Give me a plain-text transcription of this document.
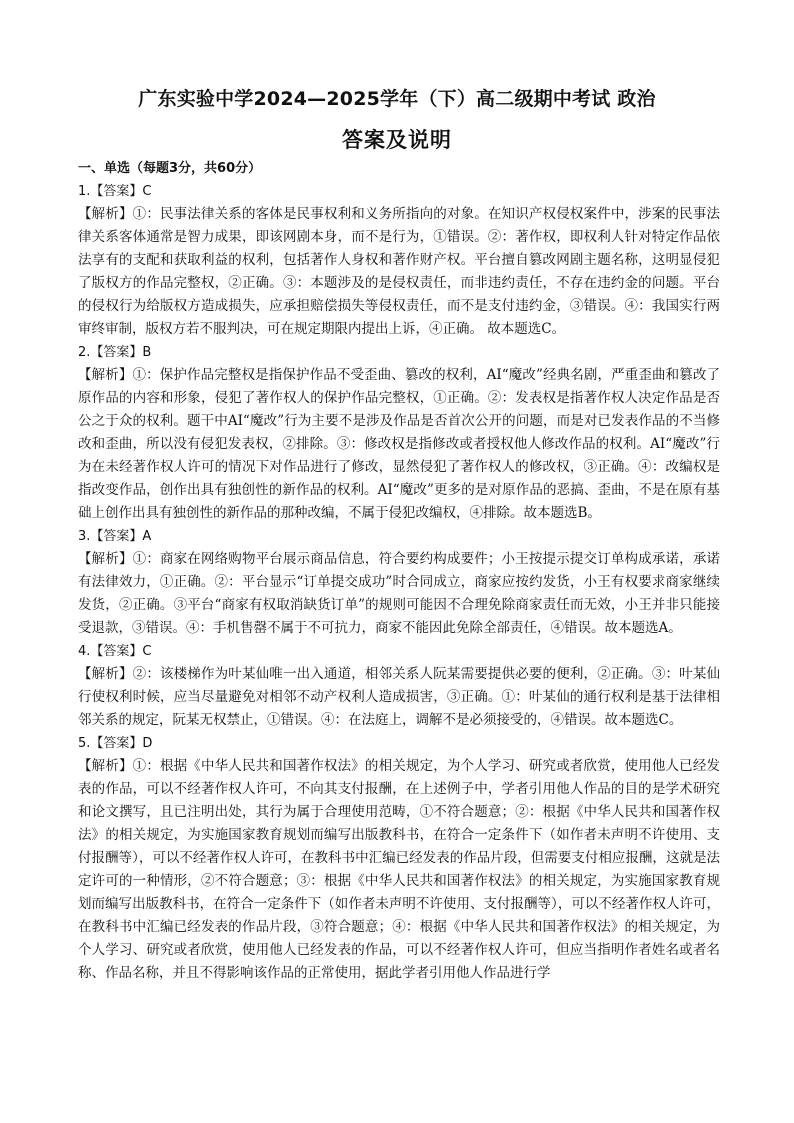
广东实验中学2024—2025学年（下）高二级期中考试 政治
答案及说明
一、单选（每题3分，共60分）
1.【答案】C
【解析】①：民事法律关系的客体是民事权利和义务所指向的对象。在知识产权侵权案件中，涉案的民事法律关系客体通常是智力成果，即该网剧本身，而不是行为，①错误。②：著作权，即权利人针对特定作品依法享有的支配和获取利益的权利，包括著作人身权和著作财产权。平台擅自篡改网剧主题名称，这明显侵犯了版权方的作品完整权，②正确。③：本题涉及的是侵权责任，而非违约责任，不存在违约金的问题。平台的侵权行为给版权方造成损失，应承担赔偿损失等侵权责任，而不是支付违约金，③错误。④：我国实行两审终审制，版权方若不服判决，可在规定期限内提出上诉，④正确。 故本题选C。
2.【答案】B
【解析】①：保护作品完整权是指保护作品不受歪曲、篡改的权利，AI“魔改”经典名剧，严重歪曲和篡改了原作品的内容和形象，侵犯了著作权人的保护作品完整权，①正确。②：发表权是指著作权人决定作品是否公之于众的权利。题干中AI“魔改”行为主要不是涉及作品是否首次公开的问题，而是对已发表作品的不当修改和歪曲，所以没有侵犯发表权，②排除。③：修改权是指修改或者授权他人修改作品的权利。AI“魔改”行为在未经著作权人许可的情况下对作品进行了修改，显然侵犯了著作权人的修改权，③正确。④：改编权是指改变作品，创作出具有独创性的新作品的权利。AI“魔改”更多的是对原作品的恶搞、歪曲，不是在原有基础上创作出具有独创性的新作品的那种改编，不属于侵犯改编权，④排除。故本题选B。
3.【答案】A
【解析】①：商家在网络购物平台展示商品信息，符合要约构成要件；小王按提示提交订单构成承诺，承诺有法律效力，①正确。②：平台显示“订单提交成功”时合同成立，商家应按约发货，小王有权要求商家继续发货，②正确。③平台“商家有权取消缺货订单”的规则可能因不合理免除商家责任而无效，小王并非只能接受退款，③错误。④：手机售罄不属于不可抗力，商家不能因此免除全部责任，④错误。故本题选A。
4.【答案】C
【解析】②：该楼梯作为叶某仙唯一出入通道，相邻关系人阮某需要提供必要的便利，②正确。③：叶某仙行使权利时候，应当尽量避免对相邻不动产权利人造成损害，③正确。①：叶某仙的通行权利是基于法律相邻关系的规定，阮某无权禁止，①错误。④：在法庭上，调解不是必须接受的，④错误。故本题选C。
5.【答案】D
【解析】①：根据《中华人民共和国著作权法》的相关规定，为个人学习、研究或者欣赏，使用他人已经发表的作品，可以不经著作权人许可，不向其支付报酬，在上述例子中，学者引用他人作品的目的是学术研究和论文撰写，且已注明出处，其行为属于合理使用范畴，①不符合题意；②：根据《中华人民共和国著作权法》的相关规定，为实施国家教育规划而编写出版教科书，在符合一定条件下（如作者未声明不许使用、支付报酬等），可以不经著作权人许可，在教科书中汇编已经发表的作品片段，但需要支付相应报酬，这就是法定许可的一种情形，②不符合题意；③：根据《中华人民共和国著作权法》的相关规定，为实施国家教育规划而编写出版教科书，在符合一定条件下（如作者未声明不许使用、支付报酬等），可以不经著作权人许可，在教科书中汇编已经发表的作品片段，③符合题意；④：根据《中华人民共和国著作权法》的相关规定，为个人学习、研究或者欣赏，使用他人已经发表的作品，可以不经著作权人许可，但应当指明作者姓名或者名称、作品名称，并且不得影响该作品的正常使用，据此学者引用他人作品进行学
